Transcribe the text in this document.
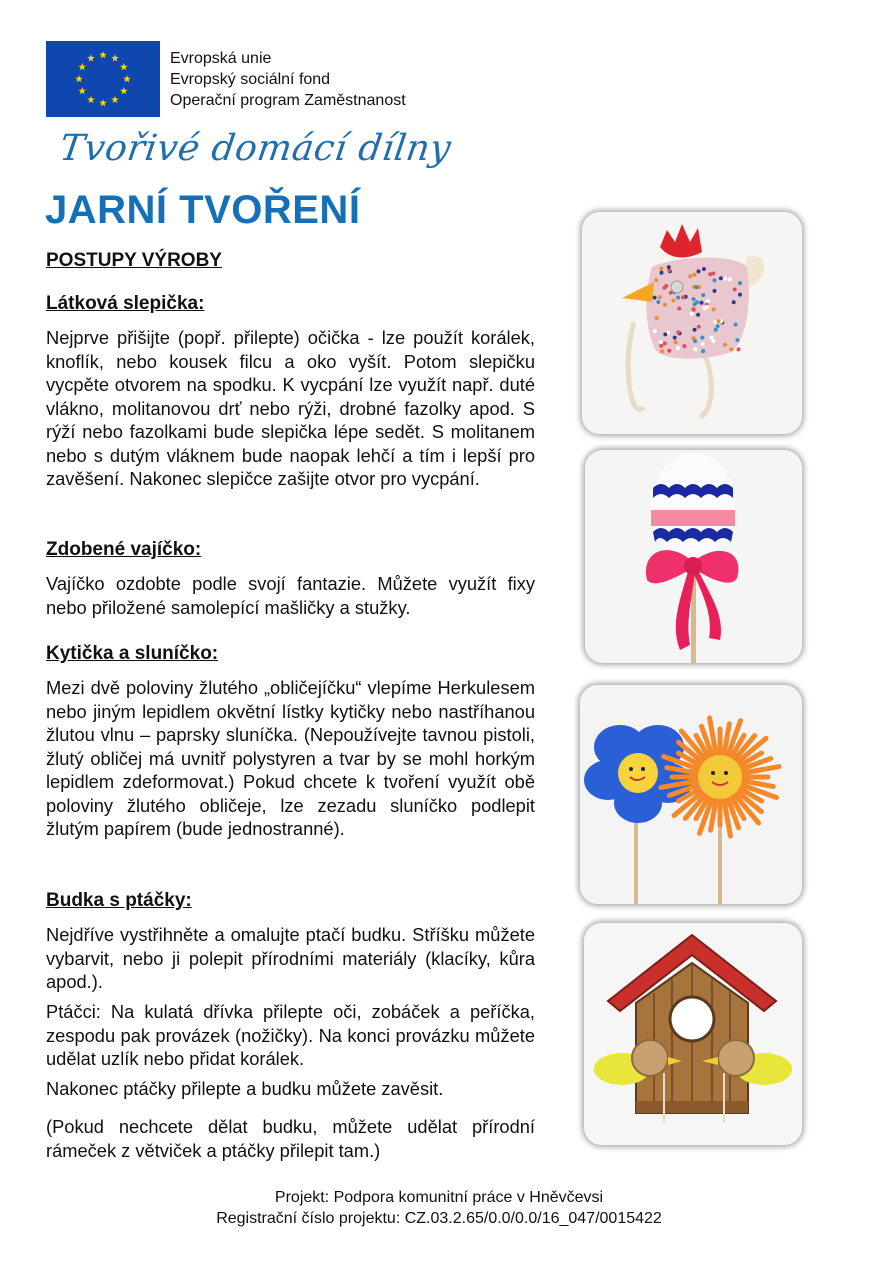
Evropská unie
Evropský sociální fond
Operační program Zaměstnanost
Tvořivé domácí dílny
JARNÍ TVOŘENÍ
POSTUPY VÝROBY
Látková slepička:
Nejprve přišijte (popř. přilepte) očička - lze použít korálek, knoflík, nebo kousek filcu a oko vyšít. Potom slepičku vycpěte otvorem na spodku. K vycpání lze využít např. duté vlákno, molitanovou drť nebo rýži, drobné fazolky apod. S rýží nebo fazolkami bude slepička lépe sedět. S molitanem nebo s dutým vláknem bude naopak lehčí a tím i lepší pro zavěšení. Nakonec slepičce zašijte otvor pro vycpání.
Zdobené vajíčko:
Vajíčko ozdobte podle svojí fantazie. Můžete využít fixy nebo přiložené samolepící mašličky a stužky.
Kytička a sluníčko:
Mezi dvě poloviny žlutého „obličejíčku“ vlepíme Herkulesem nebo jiným lepidlem okvětní lístky kytičky nebo nastříhanou žlutou vlnu – paprsky sluníčka. (Nepoužívejte tavnou pistoli, žlutý obličej má uvnitř polystyren a tvar by se mohl horkým lepidlem zdeformovat.) Pokud chcete k tvoření využít obě poloviny žlutého obličeje, lze zezadu sluníčko podlepit žlutým papírem (bude jednostranné).
Budka s ptáčky:
Nejdříve vystřihněte a omalujte ptačí budku. Stříšku můžete vybarvit, nebo ji polepit přírodními materiály (klacíky, kůra apod.).
Ptáčci: Na kulatá dřívka přilepte oči, zobáček a peříčka, zespodu pak provázek (nožičky). Na konci provázku můžete udělat uzlík nebo přidat korálek.
Nakonec ptáčky přilepte a budku můžete zavěsit.
(Pokud nechcete dělat budku, můžete udělat přírodní rámeček z větviček a ptáčky přilepit tam.)
Projekt: Podpora komunitní práce v Hněvčevsi
Registrační číslo projektu: CZ.03.2.65/0.0/0.0/16_047/0015422
